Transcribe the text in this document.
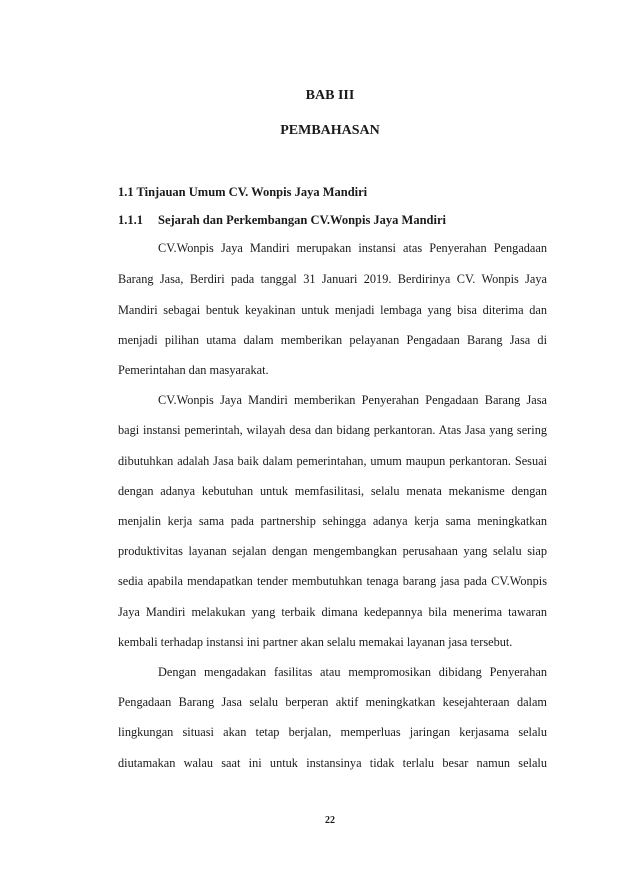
BAB III
PEMBAHASAN
1.1 Tinjauan Umum CV. Wonpis Jaya Mandiri
1.1.1 Sejarah dan Perkembangan CV.Wonpis Jaya Mandiri
CV.Wonpis Jaya Mandiri merupakan instansi atas Penyerahan Pengadaan
Barang Jasa, Berdiri pada tanggal 31 Januari 2019. Berdirinya CV. Wonpis Jaya
Mandiri sebagai bentuk keyakinan untuk menjadi lembaga yang bisa diterima dan
menjadi pilihan utama dalam memberikan pelayanan Pengadaan Barang Jasa di
Pemerintahan dan masyarakat.
CV.Wonpis Jaya Mandiri memberikan Penyerahan Pengadaan Barang Jasa
bagi instansi pemerintah, wilayah desa dan bidang perkantoran. Atas Jasa yang sering
dibutuhkan adalah Jasa baik dalam pemerintahan, umum maupun perkantoran. Sesuai
dengan adanya kebutuhan untuk memfasilitasi, selalu menata mekanisme dengan
menjalin kerja sama pada partnership sehingga adanya kerja sama meningkatkan
produktivitas layanan sejalan dengan mengembangkan perusahaan yang selalu siap
sedia apabila mendapatkan tender membutuhkan tenaga barang jasa pada CV.Wonpis
Jaya Mandiri melakukan yang terbaik dimana kedepannya bila menerima tawaran
kembali terhadap instansi ini partner akan selalu memakai layanan jasa tersebut.
Dengan mengadakan fasilitas atau mempromosikan dibidang Penyerahan
Pengadaan Barang Jasa selalu berperan aktif meningkatkan kesejahteraan dalam
lingkungan situasi akan tetap berjalan, memperluas jaringan kerjasama selalu
diutamakan walau saat ini untuk instansinya tidak terlalu besar namun selalu
22
